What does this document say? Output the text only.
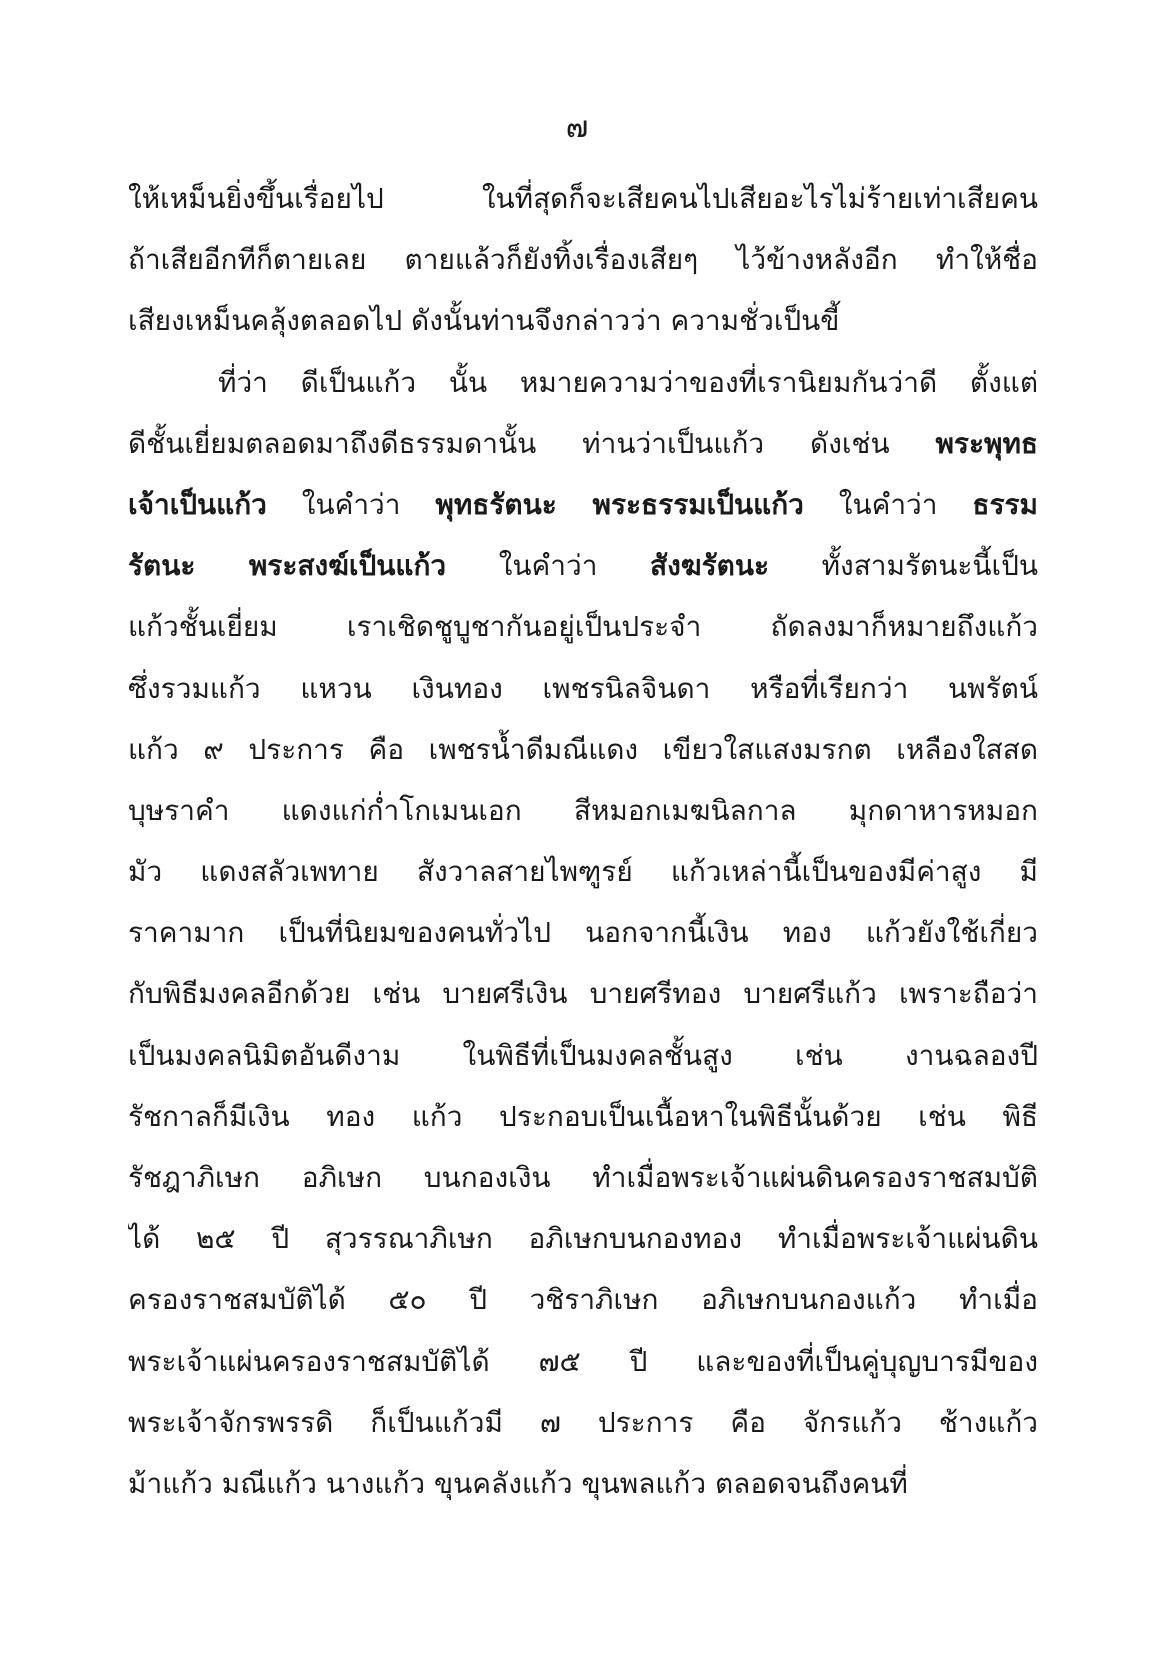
๗
ให้เหม็นยิ่งขึ้นเรื่อยไป ในที่สุดก็จะเสียคนไปเสียอะไรไม่ร้ายเท่าเสียคน
ถ้าเสียอีกทีก็ตายเลย ตายแล้วก็ยังทิ้งเรื่องเสียๆ ไว้ข้างหลังอีก ทำให้ชื่อ
เสียงเหม็นคลุ้งตลอดไป ดังนั้นท่านจึงกล่าวว่า ความชั่วเป็นขี้
ที่ว่า ดีเป็นแก้ว นั้น หมายความว่าของที่เรานิยมกันว่าดี ตั้งแต่
ดีชั้นเยี่ยมตลอดมาถึงดีธรรมดานั้น ท่านว่าเป็นแก้ว ดังเช่น พระพุทธ
เจ้าเป็นแก้ว ในคำว่า พุทธรัตนะ พระธรรมเป็นแก้ว ในคำว่า ธรรม
รัตนะ พระสงฆ์เป็นแก้ว ในคำว่า สังฆรัตนะ ทั้งสามรัตนะนี้เป็น
แก้วชั้นเยี่ยม เราเชิดชูบูชากันอยู่เป็นประจำ ถัดลงมาก็หมายถึงแก้ว
ซึ่งรวมแก้ว แหวน เงินทอง เพชรนิลจินดา หรือที่เรียกว่า นพรัตน์
แก้ว ๙ ประการ คือ เพชรน้ำดีมณีแดง เขียวใสแสงมรกต เหลืองใสสด
บุษราคำ แดงแก่ก่ำโกเมนเอก สีหมอกเมฆนิลกาล มุกดาหารหมอก
มัว แดงสลัวเพทาย สังวาลสายไพฑูรย์ แก้วเหล่านี้เป็นของมีค่าสูง มี
ราคามาก เป็นที่นิยมของคนทั่วไป นอกจากนี้เงิน ทอง แก้วยังใช้เกี่ยว
กับพิธีมงคลอีกด้วย เช่น บายศรีเงิน บายศรีทอง บายศรีแก้ว เพราะถือว่า
เป็นมงคลนิมิตอันดีงาม ในพิธีที่เป็นมงคลชั้นสูง เช่น งานฉลองปี
รัชกาลก็มีเงิน ทอง แก้ว ประกอบเป็นเนื้อหาในพิธีนั้นด้วย เช่น พิธี
รัชฎาภิเษก อภิเษก บนกองเงิน ทำเมื่อพระเจ้าแผ่นดินครองราชสมบัติ
ได้ ๒๕ ปี สุวรรณาภิเษก อภิเษกบนกองทอง ทำเมื่อพระเจ้าแผ่นดิน
ครองราชสมบัติได้ ๕๐ ปี วชิราภิเษก อภิเษกบนกองแก้ว ทำเมื่อ
พระเจ้าแผ่นครองราชสมบัติได้ ๗๕ ปี และของที่เป็นคู่บุญบารมีของ
พระเจ้าจักรพรรดิ ก็เป็นแก้วมี ๗ ประการ คือ จักรแก้ว ช้างแก้ว
ม้าแก้ว มณีแก้ว นางแก้ว ขุนคลังแก้ว ขุนพลแก้ว ตลอดจนถึงคนที่
